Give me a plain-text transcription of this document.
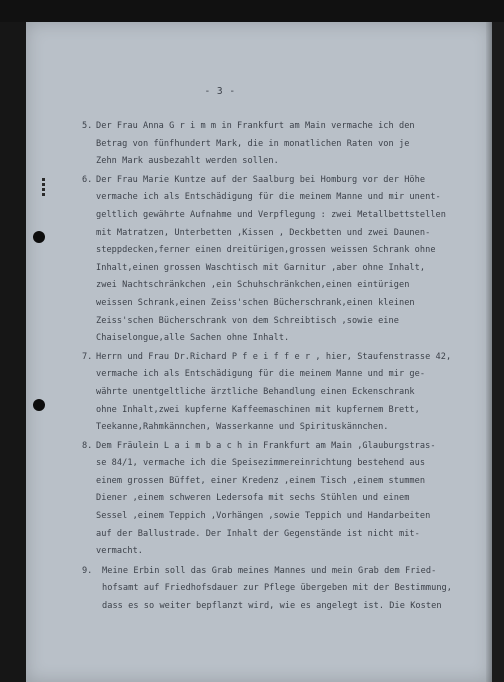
- 3 -
5. Der Frau Anna G r i m m in Frankfurt am Main vermache ich den
Betrag von fünfhundert Mark, die in monatlichen Raten von je
Zehn Mark ausbezahlt werden sollen.
6. Der Frau Marie Kuntze auf der Saalburg bei Homburg vor der Höhe
vermache ich als Entschädigung für die meinem Manne und mir unent-
geltlich gewährte Aufnahme und Verpflegung : zwei Metallbettstellen
mit Matratzen, Unterbetten ,Kissen , Deckbetten und zwei Daunen-
steppdecken,ferner einen dreitürigen,grossen weissen Schrank ohne
Inhalt,einen grossen Waschtisch mit Garnitur ,aber ohne Inhalt,
zwei Nachtschränkchen ,ein Schuhschränkchen,einen eintürigen
weissen Schrank,einen Zeiss'schen Bücherschrank,einen kleinen
Zeiss'schen Bücherschrank von dem Schreibtisch ,sowie eine
Chaiselongue,alle Sachen ohne Inhalt.
7. Herrn und Frau Dr.Richard P f e i f f e r , hier, Staufenstrasse 42,
vermache ich als Entschädigung für die meinem Manne und mir ge-
währte unentgeltliche ärztliche Behandlung einen Eckenschrank
ohne Inhalt,zwei kupferne Kaffeemaschinen mit kupfernem Brett,
Teekanne,Rahmkännchen, Wasserkanne und Spirituskännchen.
8. Dem Fräulein L a i m b a c h in Frankfurt am Main ,Glauburgstras-
se 84/1, vermache ich die Speisezimmereinrichtung bestehend aus
einem grossen Büffet, einer Kredenz ,einem Tisch ,einem stummen
Diener ,einem schweren Ledersofa mit sechs Stühlen und einem
Sessel ,einem Teppich ,Vorhängen ,sowie Teppich und Handarbeiten
auf der Ballustrade. Der Inhalt der Gegenstände ist nicht mit-
vermacht.
9.	Meine Erbin soll das Grab meines Mannes und mein Grab dem Fried-
hofsamt auf Friedhofsdauer zur Pflege übergeben mit der Bestimmung,
dass es so weiter bepflanzt wird, wie es angelegt ist. Die Kosten
